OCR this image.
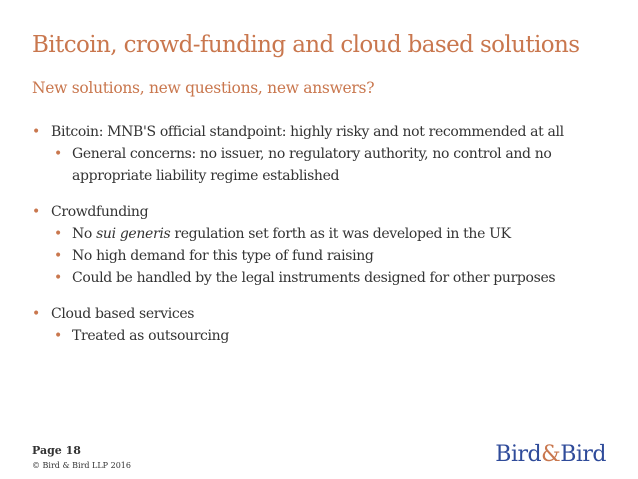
Bitcoin, crowd-funding and cloud based solutions
New solutions, new questions, new answers?
• Bitcoin: MNB'S official standpoint: highly risky and not recommended at all
• General concerns: no issuer, no regulatory authority, no control and no appropriate liability regime established
• Crowdfunding
• No sui generis regulation set forth as it was developed in the UK
• No high demand for this type of fund raising
• Could be handled by the legal instruments designed for other purposes
• Cloud based services
• Treated as outsourcing
Page 18
© Bird & Bird LLP 2016	Bird&Bird
